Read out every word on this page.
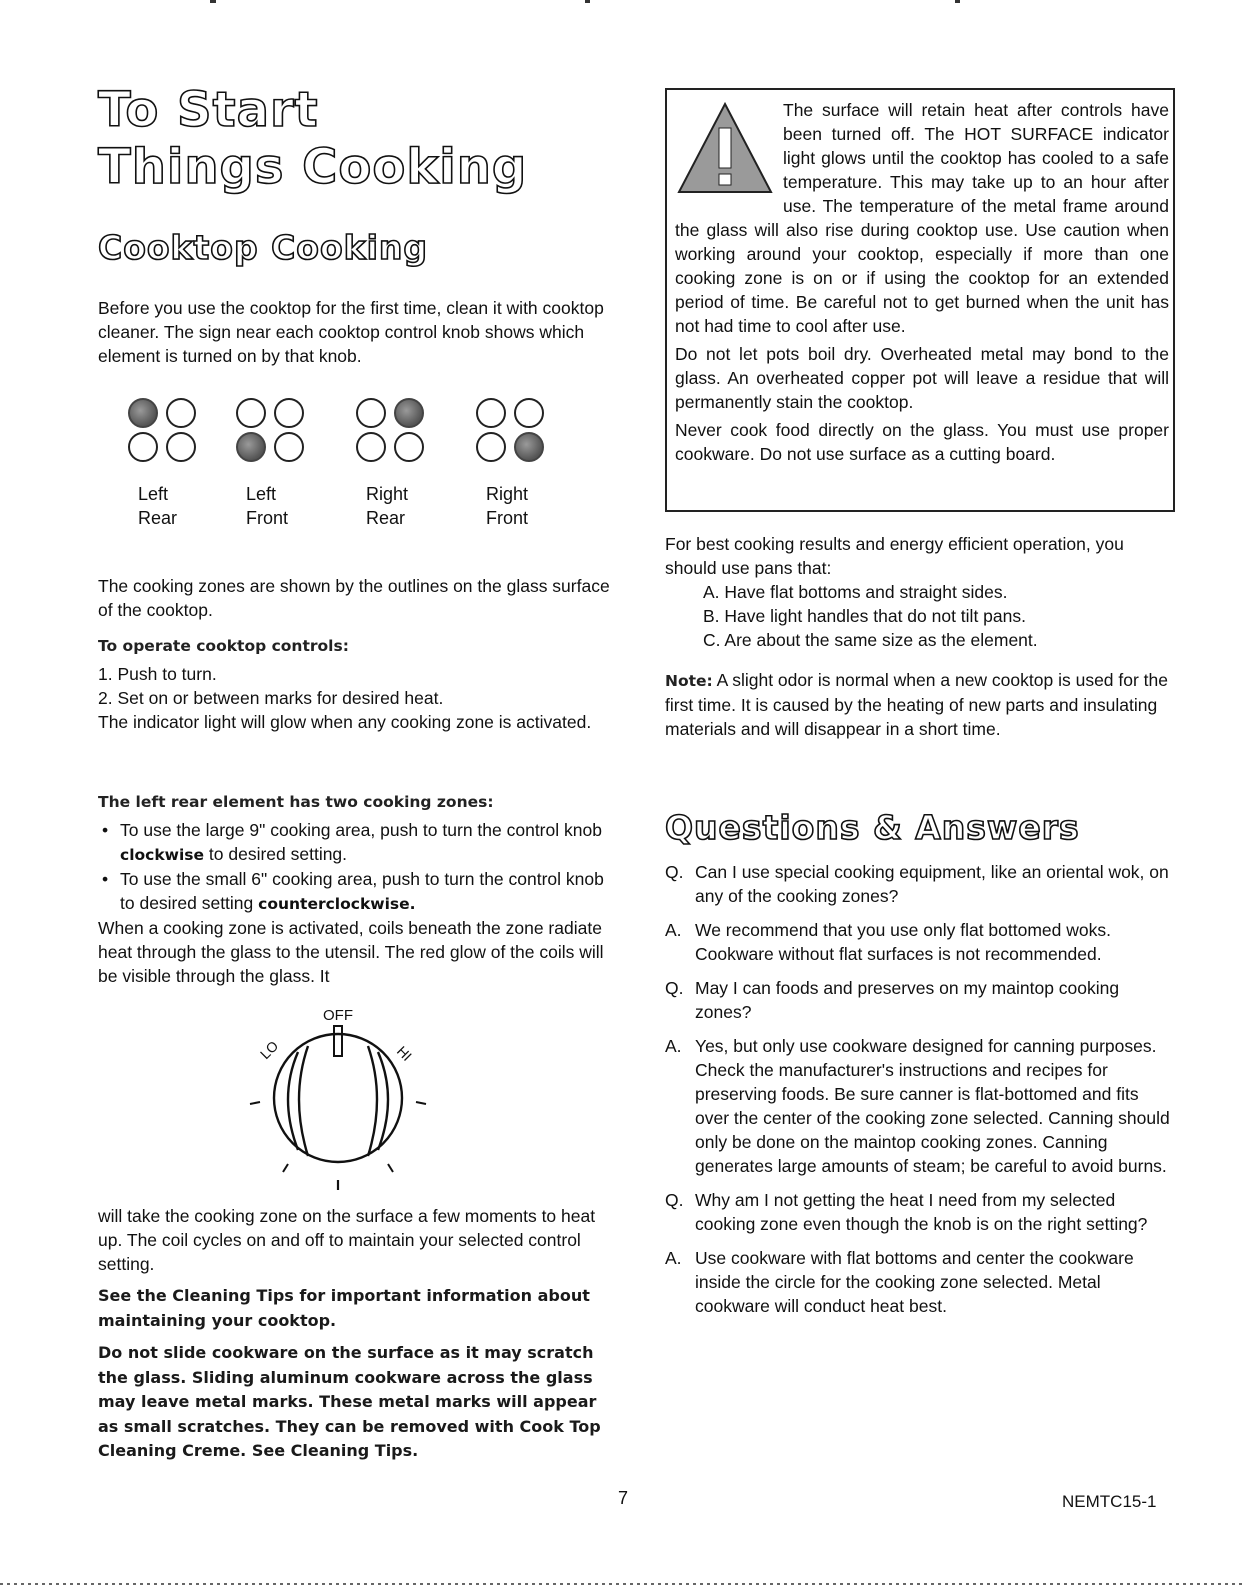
To Start
Things Cooking
Cooktop Cooking

Before you use the cooktop for the first time, clean it with cooktop cleaner. The sign near each cooktop control knob shows which element is turned on by that knob.

Left
Rear
Left
Front
Right
Rear
Right
Front

The cooking zones are shown by the outlines on the glass surface of the cooktop.

To operate cooktop controls:

1. Push to turn.
2. Set on or between marks for desired heat.

The indicator light will glow when any cooking zone is activated.

The left rear element has two cooking zones:

• To use the large 9" cooking area, push to turn the control knob clockwise to desired setting.
• To use the small 6" cooking area, push to turn the control knob to desired setting counterclockwise.

When a cooking zone is activated, coils beneath the zone radiate heat through the glass to the utensil. The red glow of the coils will be visible through the glass. It

OFF
LO	HI

will take the cooking zone on the surface a few moments to heat up. The coil cycles on and off to maintain your selected control setting.

See the Cleaning Tips for important information about maintaining your cooktop.

Do not slide cookware on the surface as it may scratch the glass. Sliding aluminum cookware across the glass may leave metal marks. These metal marks will appear as small scratches. They can be removed with Cook Top Cleaning Creme. See Cleaning Tips.

The surface will retain heat after controls have been turned off. The HOT SURFACE indicator light glows until the cooktop has cooled to a safe temperature. This may take up to an hour after use. The temperature of the metal frame around the glass will also rise during cooktop use. Use caution when working around your cooktop, especially if more than one cooking zone is on or if using the cooktop for an extended period of time. Be careful not to get burned when the unit has not had time to cool after use.

Do not let pots boil dry. Overheated metal may bond to the glass. An overheated copper pot will leave a residue that will permanently stain the cooktop.

Never cook food directly on the glass. You must use proper cookware. Do not use surface as a cutting board.

For best cooking results and energy efficient operation, you should use pans that:

A. Have flat bottoms and straight sides.

B. Have light handles that do not tilt pans.

C. Are about the same size as the element.

Note: A slight odor is normal when a new cooktop is used for the first time. It is caused by the heating of new parts and insulating materials and will disappear in a short time.

Questions & Answers
Q. Can I use special cooking equipment, like an oriental wok, on any of the cooking zones?
A. We recommend that you use only flat bottomed woks. Cookware without flat surfaces is not recommended.
Q. May I can foods and preserves on my maintop cooking zones?
A. Yes, but only use cookware designed for canning purposes. Check the manufacturer's instructions and recipes for preserving foods. Be sure canner is flat-bottomed and fits over the center of the cooking zone selected. Canning should only be done on the maintop cooking zones. Canning generates large amounts of steam; be careful to avoid burns.
Q. Why am I not getting the heat I need from my selected cooking zone even though the knob is on the right setting?
A. Use cookware with flat bottoms and center the cookware inside the circle for the cooking zone selected. Metal cookware will conduct heat best.
7	NEMTC15-1
